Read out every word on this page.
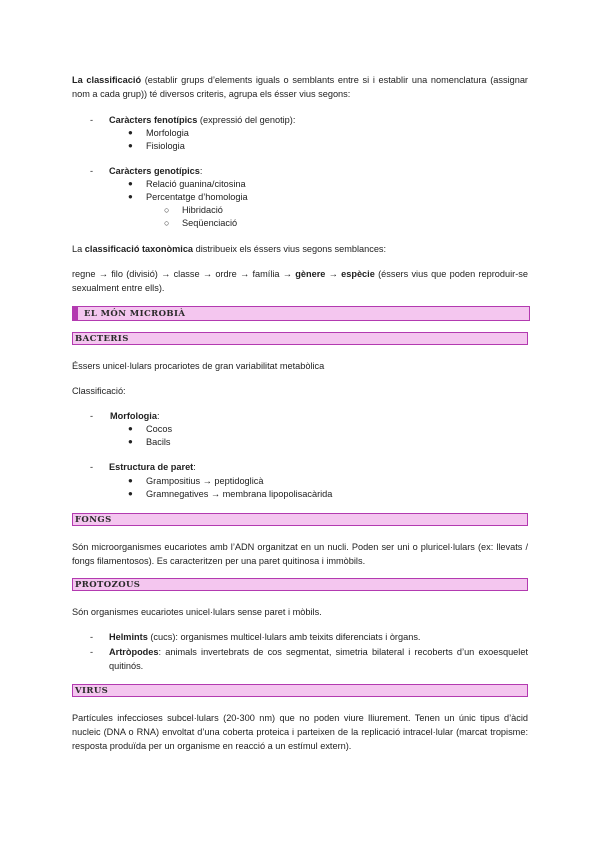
La classificació (establir grups d’elements iguals o semblants entre si i establir una nomenclatura (assignar nom a cada grup)) té diversos criteris, agrupa els ésser vius segons:

-	Caràcters fenotípics (expressió del genotip):

●	Morfologia

●	Fisiologia

-	Caràcters genotípics:

●	Relació guanina/citosina

●	Percentatge d’homologia

○	Hibridació

○	Seqüenciació

La classificació taxonòmica distribueix els éssers vius segons semblances:

regne → filo (divisió) → classe → ordre → família → gènere → espècie (éssers vius que poden reproduir-se sexualment entre ells).

EL MÓN MICROBIÀ
BACTERIS

Éssers unicel·lulars procariotes de gran variabilitat metabòlica

Classificació:

-	Morfologia:

●	Cocos

●	Bacils

-	Estructura de paret:

●	Grampositius → peptidoglicà

●	Gramnegatives → membrana lipopolisacàrida

FONGS

Són microorganismes eucariotes amb l’ADN organitzat en un nucli. Poden ser uni o pluricel·lulars (ex: llevats / fongs filamentosos). Es caracteritzen per una paret quitinosa i immòbils.

PROTOZOUS

Són organismes eucariotes unicel·lulars sense paret i mòbils.

-	Helmints (cucs): organismes multicel·lulars amb teixits diferenciats i òrgans.

-	Artròpodes: animals invertebrats de cos segmentat, simetria bilateral i recoberts d’un exoesquelet quitinós.

VIRUS

Partícules infeccioses subcel·lulars (20-300 nm) que no poden viure lliurement. Tenen un únic tipus d’àcid nucleic (DNA o RNA) envoltat d’una coberta proteica i parteixen de la replicació intracel·lular (marcat tropisme: resposta produïda per un organisme en reacció a un estímul extern).
